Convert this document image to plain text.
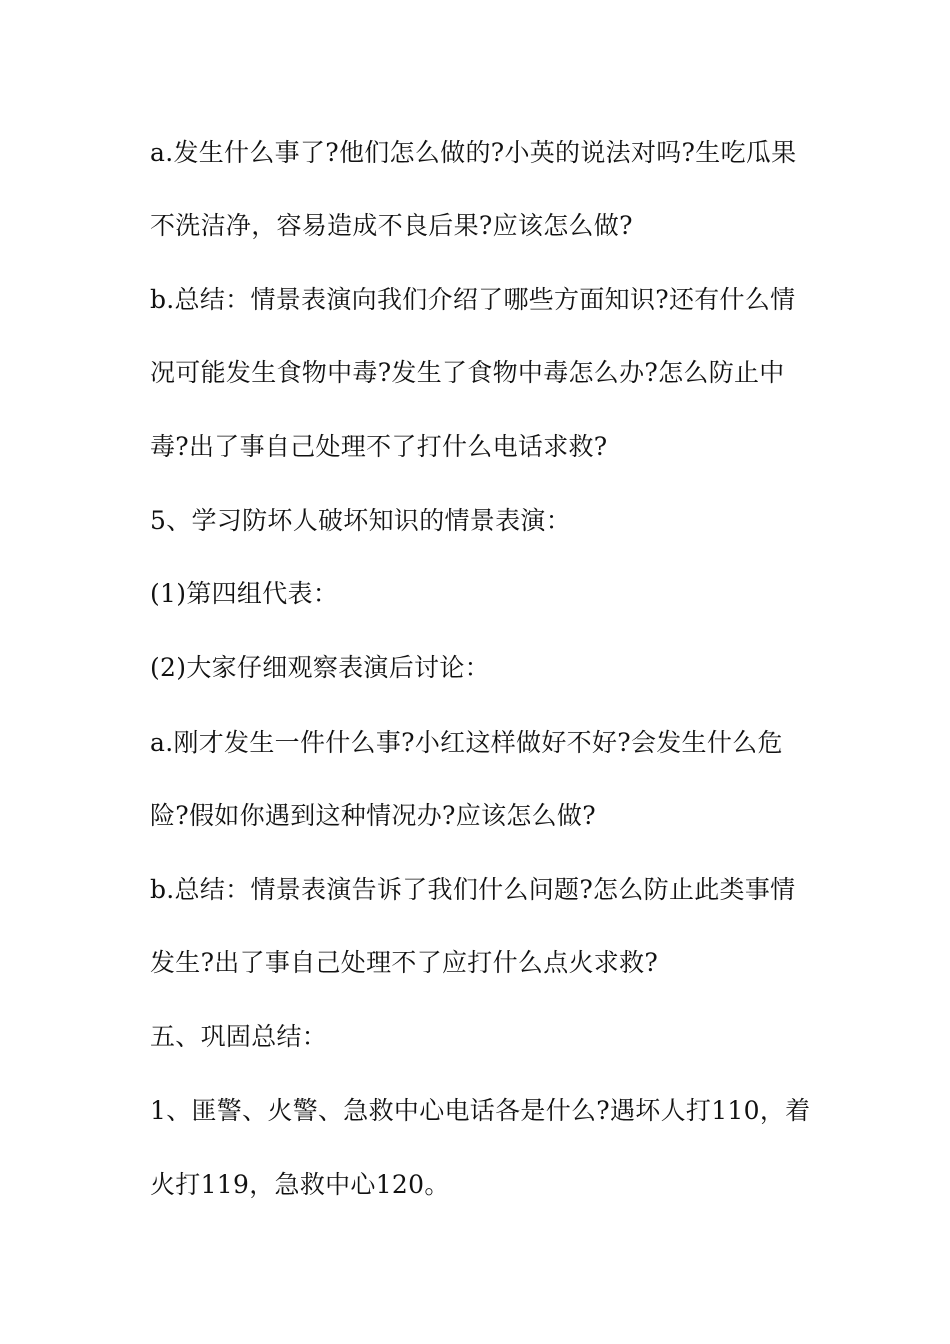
a.发生什么事了?他们怎么做的?小英的说法对吗?生吃瓜果
不洗洁净，容易造成不良后果?应该怎么做?
b.总结：情景表演向我们介绍了哪些方面知识?还有什么情
况可能发生食物中毒?发生了食物中毒怎么办?怎么防止中
毒?出了事自己处理不了打什么电话求救?
5、学习防坏人破坏知识的情景表演：
(1)第四组代表：
(2)大家仔细观察表演后讨论：
a.刚才发生一件什么事?小红这样做好不好?会发生什么危
险?假如你遇到这种情况办?应该怎么做?
b.总结：情景表演告诉了我们什么问题?怎么防止此类事情
发生?出了事自己处理不了应打什么点火求救?
五、巩固总结：
1、匪警、火警、急救中心电话各是什么?遇坏人打110，着
火打119，急救中心120。
